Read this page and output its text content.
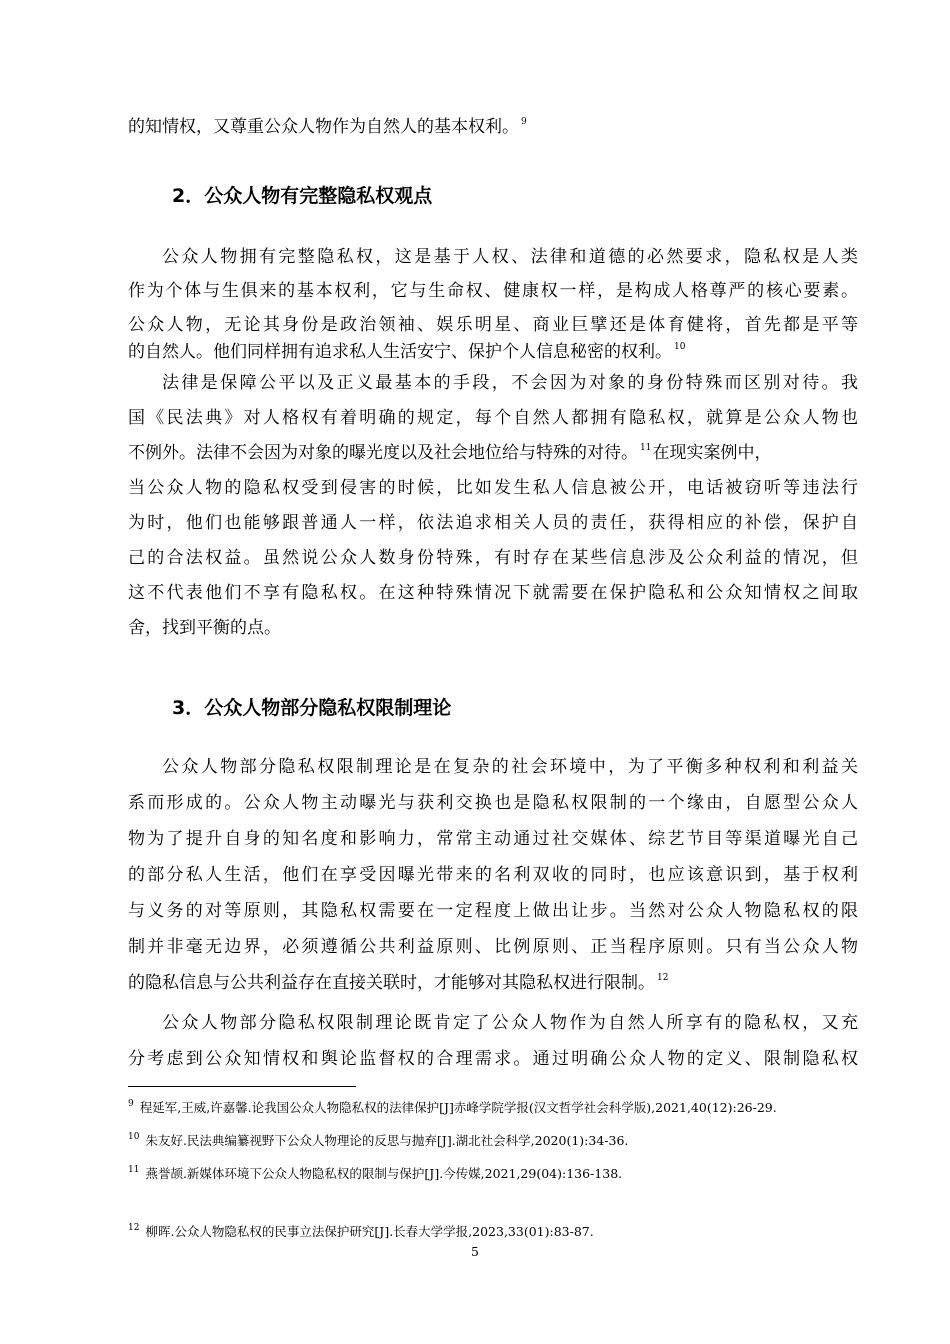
的知情权，又尊重公众人物作为自然人的基本权利。 $^9$
2．公众人物有完整隐私权观点
公众人物拥有完整隐私权，这是基于人权、法律和道德的必然要求，隐私权是人类
作为个体与生俱来的基本权利，它与生命权、健康权一样，是构成人格尊严的核心要素。
公众人物，无论其身份是政治领袖、娱乐明星、商业巨擘还是体育健将，首先都是平等
的自然人。他们同样拥有追求私人生活安宁、保护个人信息秘密的权利。 $^{10}$
法律是保障公平以及正义最基本的手段，不会因为对象的身份特殊而区别对待。我
国《民法典》对人格权有着明确的规定，每个自然人都拥有隐私权，就算是公众人物也
不例外。法律不会因为对象的曝光度以及社会地位给与特殊的对待。 $^{11}$在现实案例中，
当公众人物的隐私权受到侵害的时候，比如发生私人信息被公开，电话被窃听等违法行
为时，他们也能够跟普通人一样，依法追求相关人员的责任，获得相应的补偿，保护自
己的合法权益。虽然说公众人数身份特殊，有时存在某些信息涉及公众利益的情况，但
这不代表他们不享有隐私权。在这种特殊情况下就需要在保护隐私和公众知情权之间取
舍，找到平衡的点。
3．公众人物部分隐私权限制理论
公众人物部分隐私权限制理论是在复杂的社会环境中，为了平衡多种权利和利益关
系而形成的。公众人物主动曝光与获利交换也是隐私权限制的一个缘由，自愿型公众人
物为了提升自身的知名度和影响力，常常主动通过社交媒体、综艺节目等渠道曝光自己
的部分私人生活，他们在享受因曝光带来的名利双收的同时，也应该意识到，基于权利
与义务的对等原则，其隐私权需要在一定程度上做出让步。当然对公众人物隐私权的限
制并非毫无边界，必须遵循公共利益原则、比例原则、正当程序原则。只有当公众人物
的隐私信息与公共利益存在直接关联时，才能够对其隐私权进行限制。 $^{12}$
公众人物部分隐私权限制理论既肯定了公众人物作为自然人所享有的隐私权，又充
分考虑到公众知情权和舆论监督权的合理需求。通过明确公众人物的定义、限制隐私权
$^9$ 程延军,王威,许嘉馨.论我国公众人物隐私权的法律保护[J]赤峰学院学报(汉文哲学社会科学版),2021,40(12):26-29.
$^{10}$ 朱友好.民法典编纂视野下公众人物理论的反思与抛弃[J].湖北社会科学,2020(1):34-36.
$^{11}$ 燕誉颉.新媒体环境下公众人物隐私权的限制与保护[J].今传媒,2021,29(04):136-138.
$^{12}$ 柳晖.公众人物隐私权的民事立法保护研究[J].长春大学学报,2023,33(01):83-87.
5
